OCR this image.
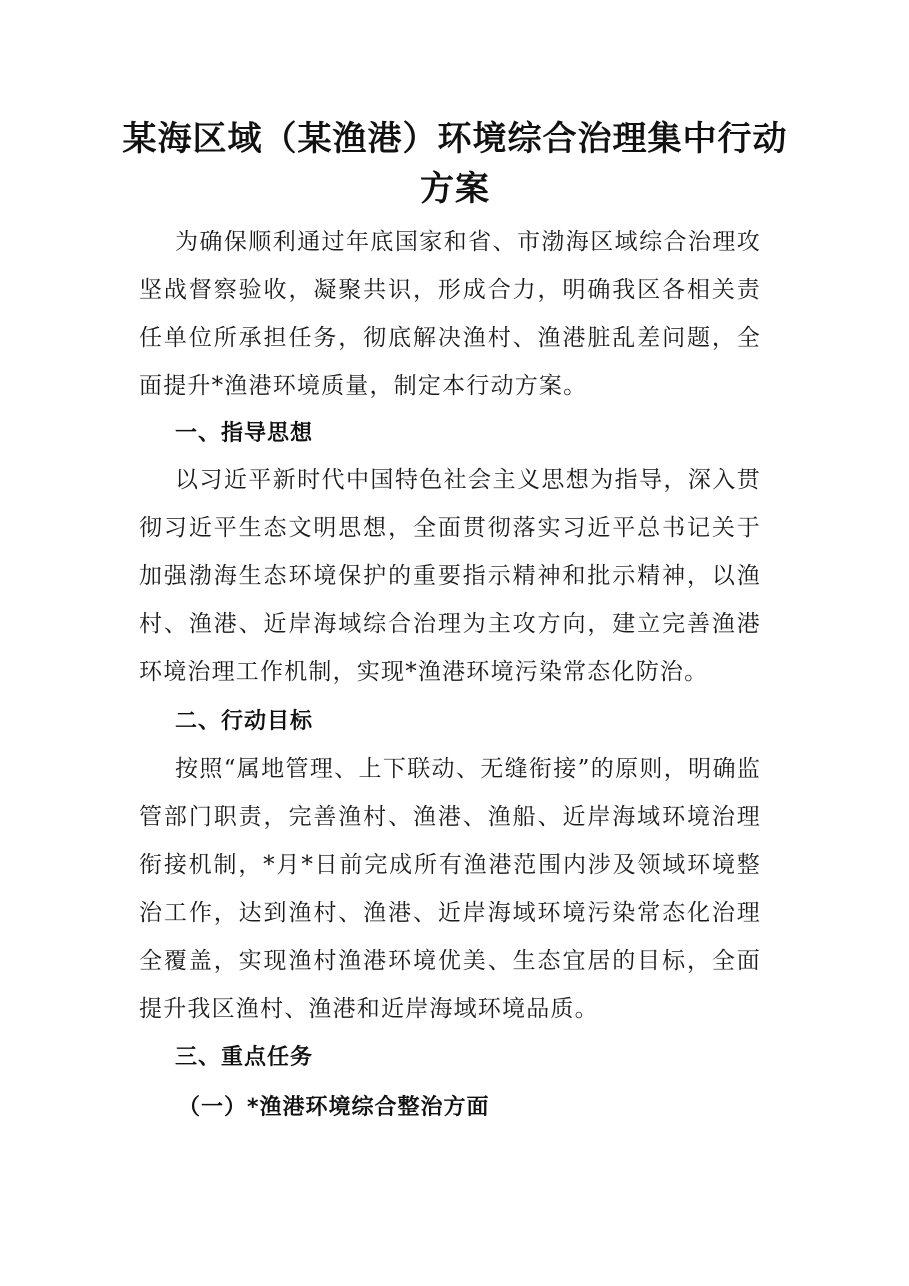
某海区域（某渔港）环境综合治理集中行动方案

为确保顺利通过年底国家和省、市渤海区域综合治理攻坚战督察验收，凝聚共识，形成合力，明确我区各相关责任单位所承担任务，彻底解决渔村、渔港脏乱差问题，全面提升*渔港环境质量，制定本行动方案。

一、指导思想

以习近平新时代中国特色社会主义思想为指导，深入贯彻习近平生态文明思想，全面贯彻落实习近平总书记关于加强渤海生态环境保护的重要指示精神和批示精神，以渔村、渔港、近岸海域综合治理为主攻方向，建立完善渔港环境治理工作机制，实现*渔港环境污染常态化防治。

二、行动目标

按照“属地管理、上下联动、无缝衔接”的原则，明确监管部门职责，完善渔村、渔港、渔船、近岸海域环境治理衔接机制，*月*日前完成所有渔港范围内涉及领域环境整治工作，达到渔村、渔港、近岸海域环境污染常态化治理全覆盖，实现渔村渔港环境优美、生态宜居的目标，全面提升我区渔村、渔港和近岸海域环境品质。

三、重点任务
（一）*渔港环境综合整治方面
